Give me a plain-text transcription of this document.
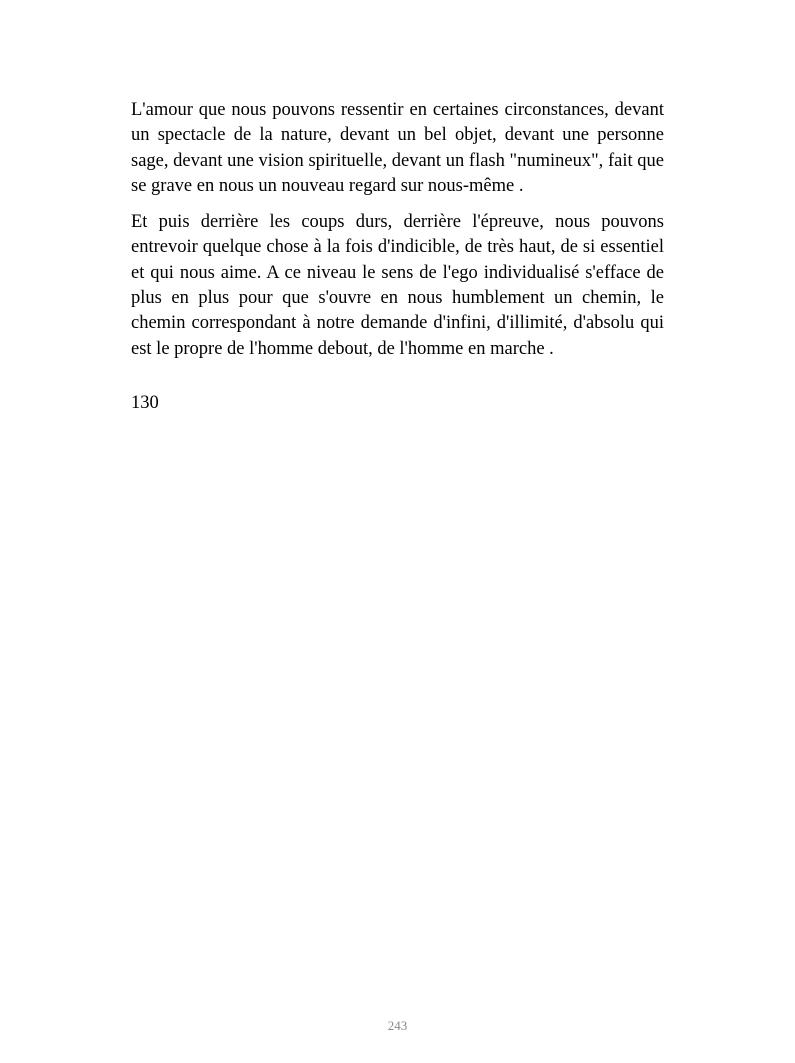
L'amour que nous pouvons ressentir en certaines circonstances, devant un spectacle de la nature, devant un bel objet, devant une personne sage, devant une vision spirituelle, devant un flash "numineux", fait que se grave en nous un nouveau regard sur nous-même .

Et puis derrière les coups durs, derrière l'épreuve, nous pouvons entrevoir quelque chose à la fois d'indicible, de très haut, de si essentiel et qui nous aime. A ce niveau le sens de l'ego individualisé s'efface de plus en plus pour que s'ouvre en nous humblement un chemin, le chemin correspondant à notre demande d'infini, d'illimité, d'absolu qui est le propre de l'homme debout, de l'homme en marche .

130

243
